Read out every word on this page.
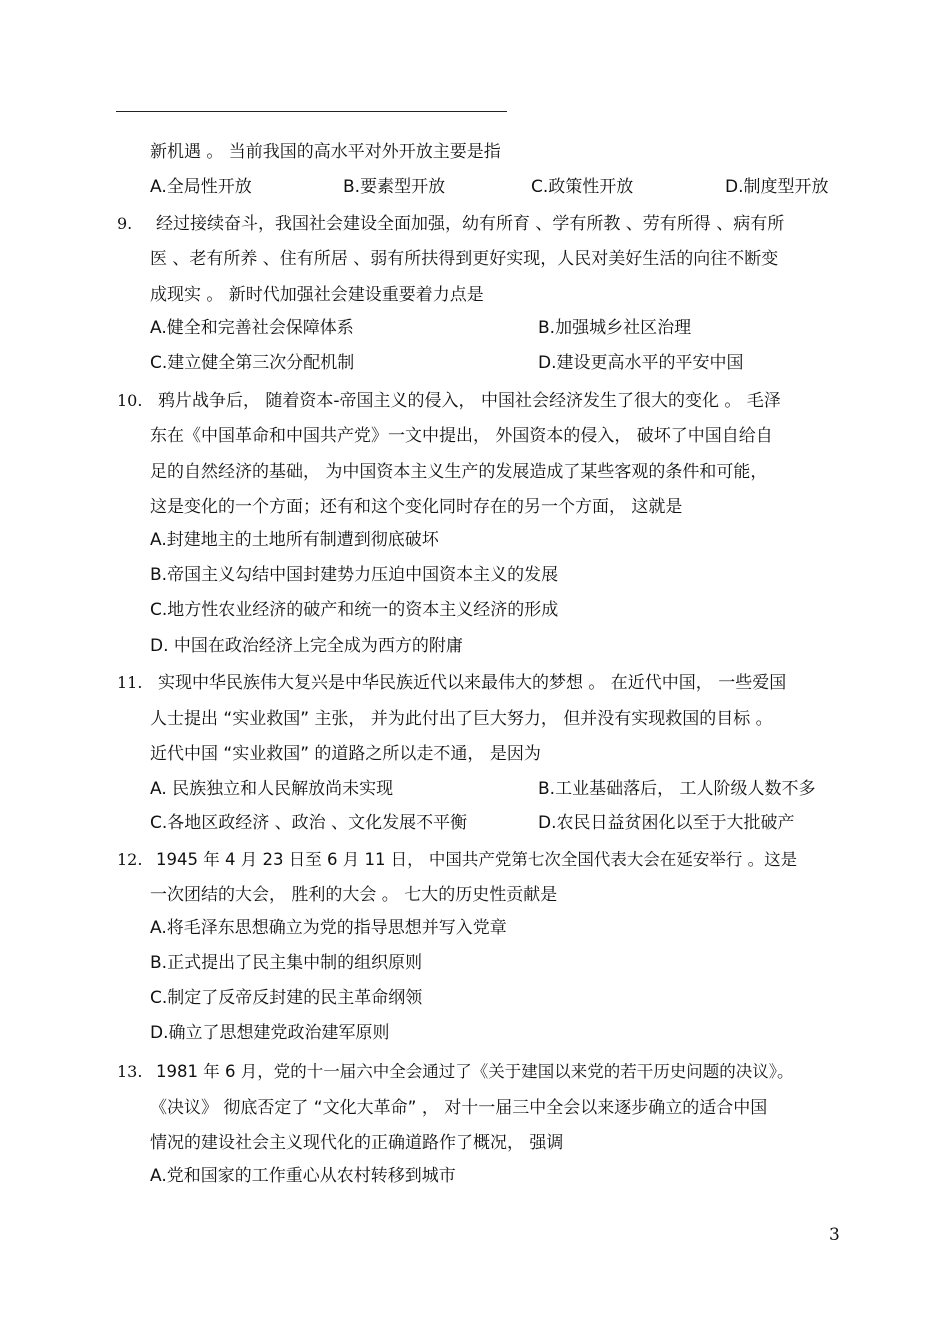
新机遇 。 当前我国的高水平对外开放主要是指
A.全局性开放	B.要素型开放	C.政策性开放	D.制度型开放
9. 经过接续奋斗，我国社会建设全面加强，幼有所育 、学有所教 、劳有所得 、病有所
医 、老有所养 、住有所居 、弱有所扶得到更好实现，人民对美好生活的向往不断变
成现实 。 新时代加强社会建设重要着力点是
A.健全和完善社会保障体系	B.加强城乡社区治理
C.建立健全第三次分配机制	D.建设更高水平的平安中国
10. 鸦片战争后， 随着资本-帝国主义的侵入， 中国社会经济发生了很大的变化 。 毛泽
东在《中国革命和中国共产党》一文中提出， 外国资本的侵入， 破坏了中国自给自
足的自然经济的基础， 为中国资本主义生产的发展造成了某些客观的条件和可能，
这是变化的一个方面；还有和这个变化同时存在的另一个方面， 这就是
A.封建地主的土地所有制遭到彻底破坏
B.帝国主义勾结中国封建势力压迫中国资本主义的发展
C.地方性农业经济的破产和统一的资本主义经济的形成
D. 中国在政治经济上完全成为西方的附庸
11. 实现中华民族伟大复兴是中华民族近代以来最伟大的梦想 。 在近代中国， 一些爱国
人士提出 “实业救国” 主张， 并为此付出了巨大努力， 但并没有实现救国的目标 。
近代中国 “实业救国” 的道路之所以走不通， 是因为
A. 民族独立和人民解放尚未实现	B.工业基础落后， 工人阶级人数不多
C.各地区政经济 、政治 、文化发展不平衡	D.农民日益贫困化以至于大批破产
12. 1945 年 4 月 23 日至 6 月 11 日， 中国共产党第七次全国代表大会在延安举行 。这是
一次团结的大会， 胜利的大会 。 七大的历史性贡献是
A.将毛泽东思想确立为党的指导思想并写入党章
B.正式提出了民主集中制的组织原则
C.制定了反帝反封建的民主革命纲领
D.确立了思想建党政治建军原则
13. 1981 年 6 月，党的十一届六中全会通过了《关于建国以来党的若干历史问题的决议》。
《决议》 彻底否定了 “文化大革命” ， 对十一届三中全会以来逐步确立的适合中国
情况的建设社会主义现代化的正确道路作了概况， 强调
A.党和国家的工作重心从农村转移到城市
3
